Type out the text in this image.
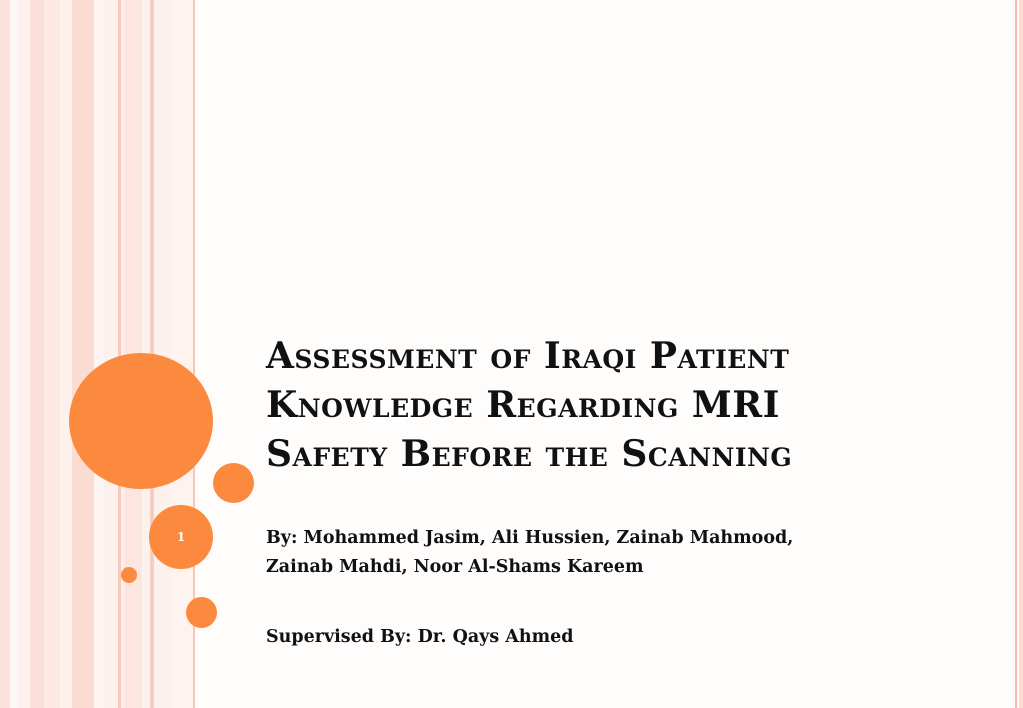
1
Assessment of Iraqi Patient
Knowledge Regarding MRI
Safety Before the Scanning

By: Mohammed Jasim, Ali Hussien, Zainab Mahmood,
Zainab Mahdi, Noor Al-Shams Kareem

Supervised By: Dr. Qays Ahmed
